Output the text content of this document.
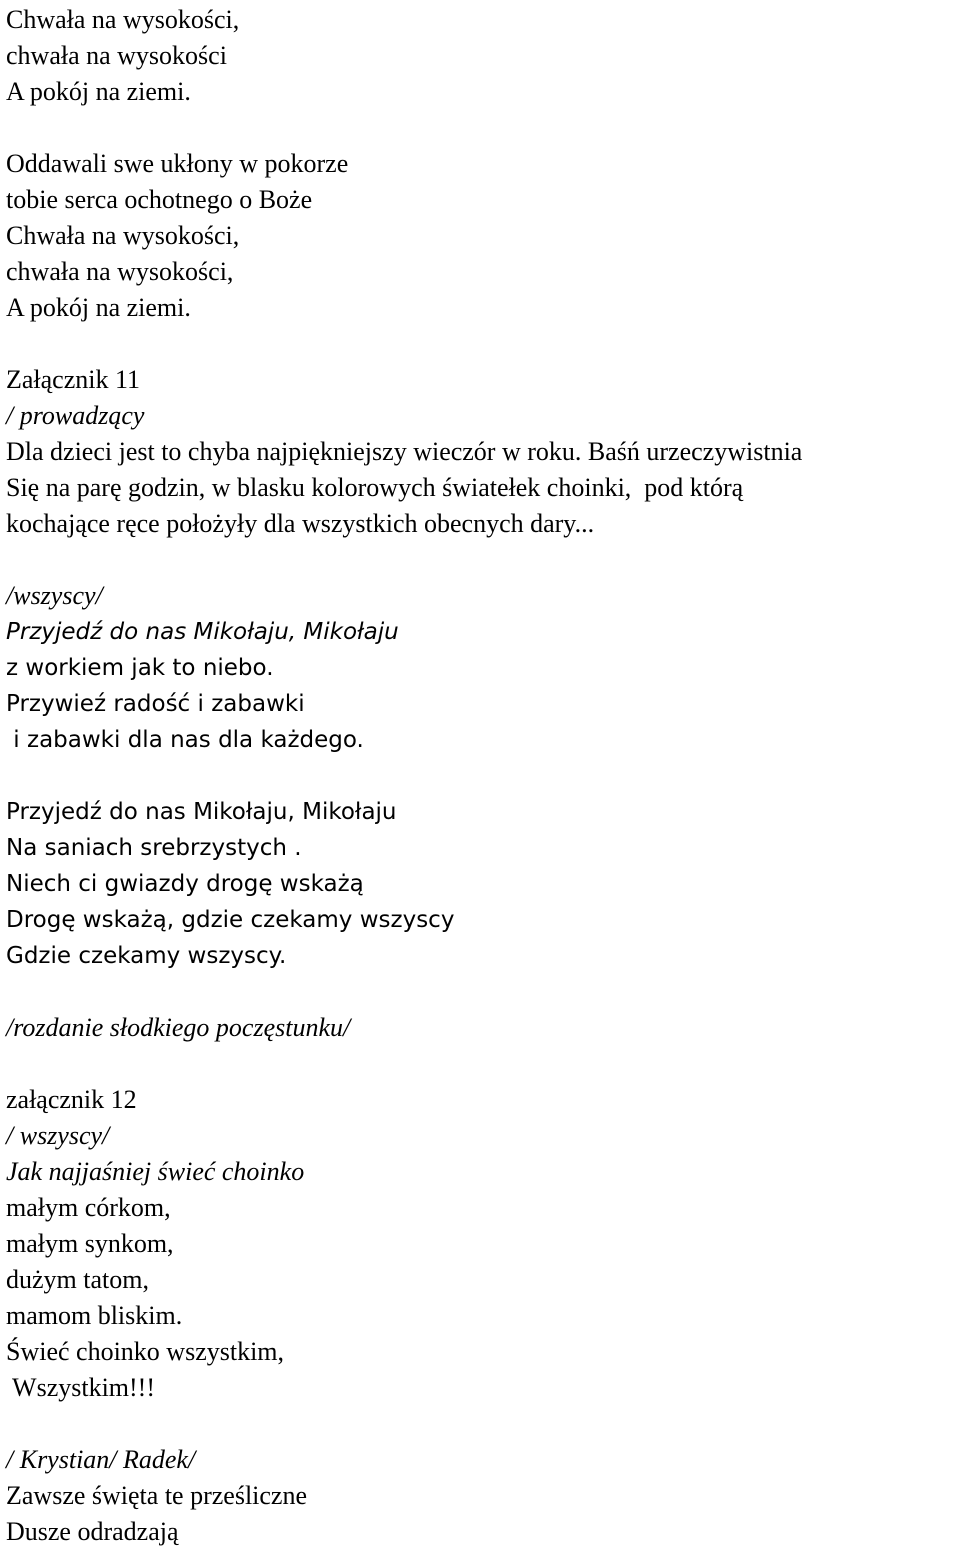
Chwała na wysokości,
chwała na wysokości
A pokój na ziemi.
Oddawali swe ukłony w pokorze
tobie serca ochotnego o Boże
Chwała na wysokości,
chwała na wysokości,
A pokój na ziemi.
Załącznik 11
/ prowadzący
Dla dzieci jest to chyba najpiękniejszy wieczór w roku. Baśń urzeczywistnia
Się na parę godzin, w blasku kolorowych światełek choinki,  pod którą
kochające ręce położyły dla wszystkich obecnych dary...
/wszyscy/
Przyjedź do nas Mikołaju, Mikołaju
z workiem jak to niebo.
Przywieź radość i zabawki
i zabawki dla nas dla każdego.
Przyjedź do nas Mikołaju, Mikołaju
Na saniach srebrzystych .
Niech ci gwiazdy drogę wskażą
Drogę wskażą, gdzie czekamy wszyscy
Gdzie czekamy wszyscy.
/rozdanie słodkiego poczęstunku/
załącznik 12
/ wszyscy/
Jak najjaśniej świeć choinko
małym córkom,
małym synkom,
dużym tatom,
mamom bliskim.
Świeć choinko wszystkim,
Wszystkim!!!
/ Krystian/ Radek/
Zawsze święta te prześliczne
Dusze odradzają
